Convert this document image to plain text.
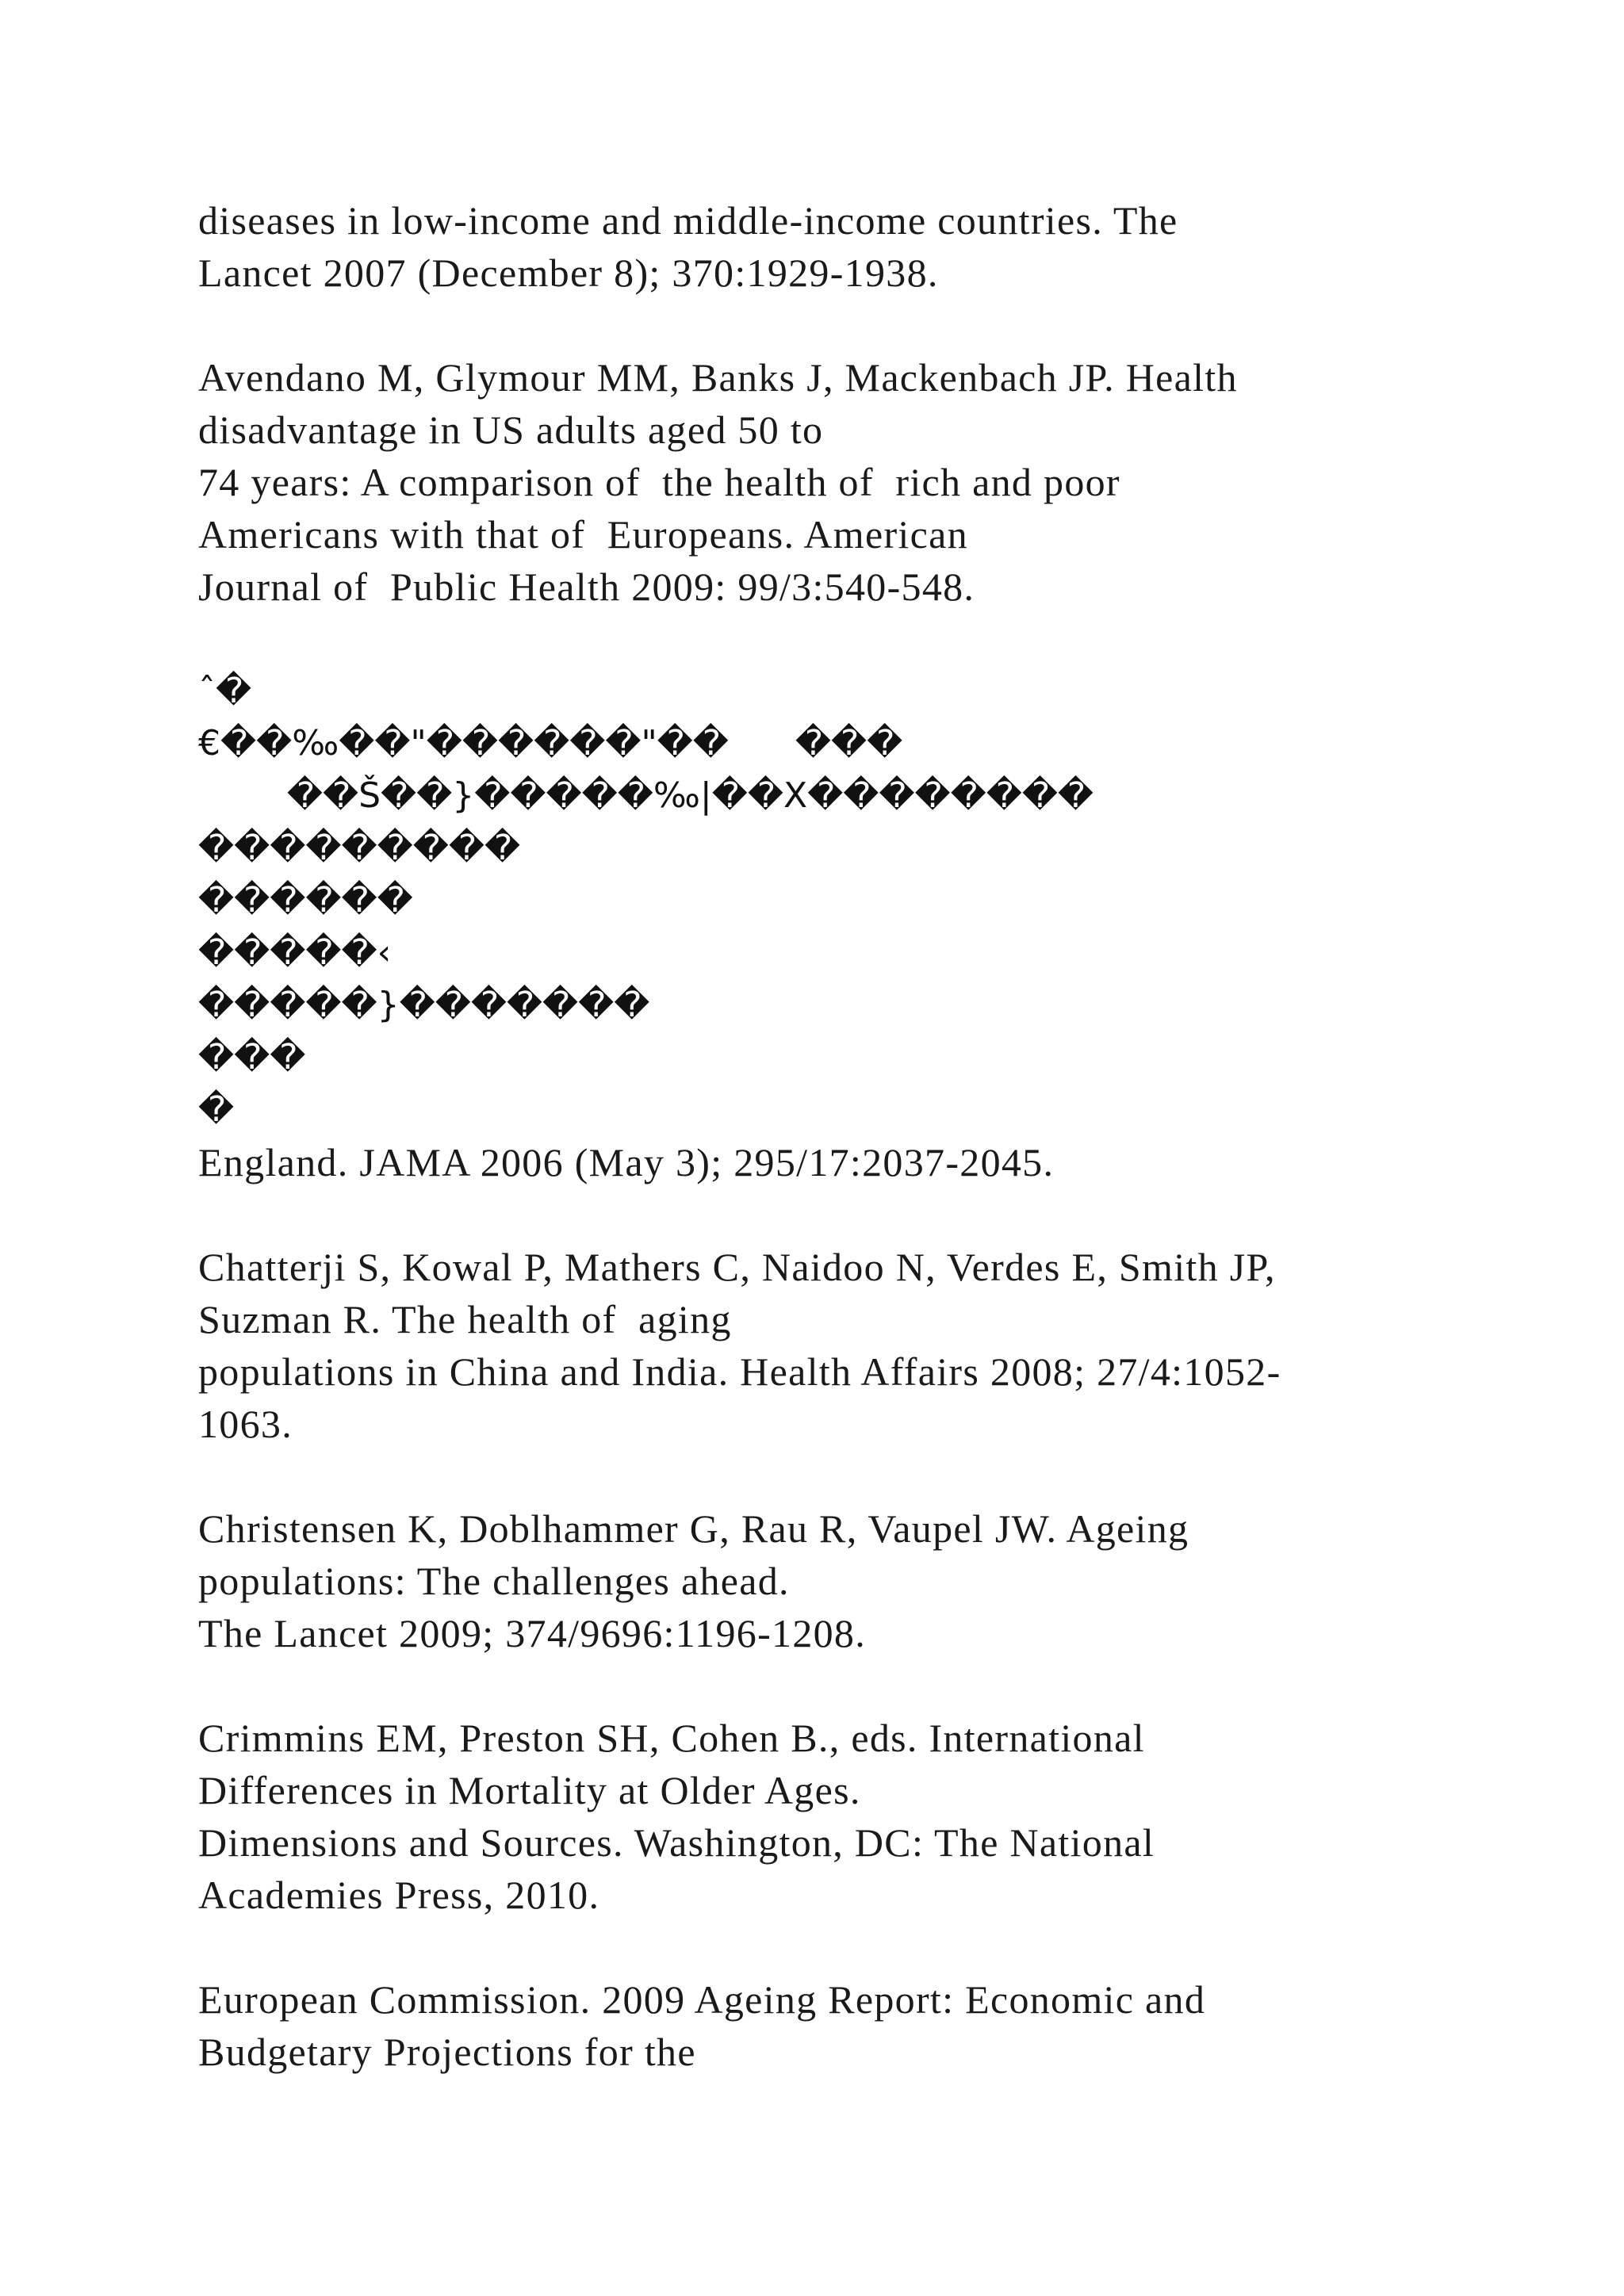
diseases in low-income and middle-income countries. The
Lancet 2007 (December 8); 370:1929-1938.
Avendano M, Glymour MM, Banks J, Mackenbach JP. Health
disadvantage in US adults aged 50 to
74 years: A comparison of  the health of  rich and poor
Americans with that of  Europeans. American
Journal of  Public Health 2009: 99/3:540-548.
ˆ�
€��‰��"������"��      ���
��Š��}�����‰|��X��������
���������
������
�����‹
�����}�������
���
�
England. JAMA 2006 (May 3); 295/17:2037-2045.
Chatterji S, Kowal P, Mathers C, Naidoo N, Verdes E, Smith JP,
Suzman R. The health of  aging
populations in China and India. Health Affairs 2008; 27/4:1052-
1063.
Christensen K, Doblhammer G, Rau R, Vaupel JW. Ageing
populations: The challenges ahead.
The Lancet 2009; 374/9696:1196-1208.
Crimmins EM, Preston SH, Cohen B., eds. International
Differences in Mortality at Older Ages.
Dimensions and Sources. Washington, DC: The National
Academies Press, 2010.
European Commission. 2009 Ageing Report: Economic and
Budgetary Projections for the
